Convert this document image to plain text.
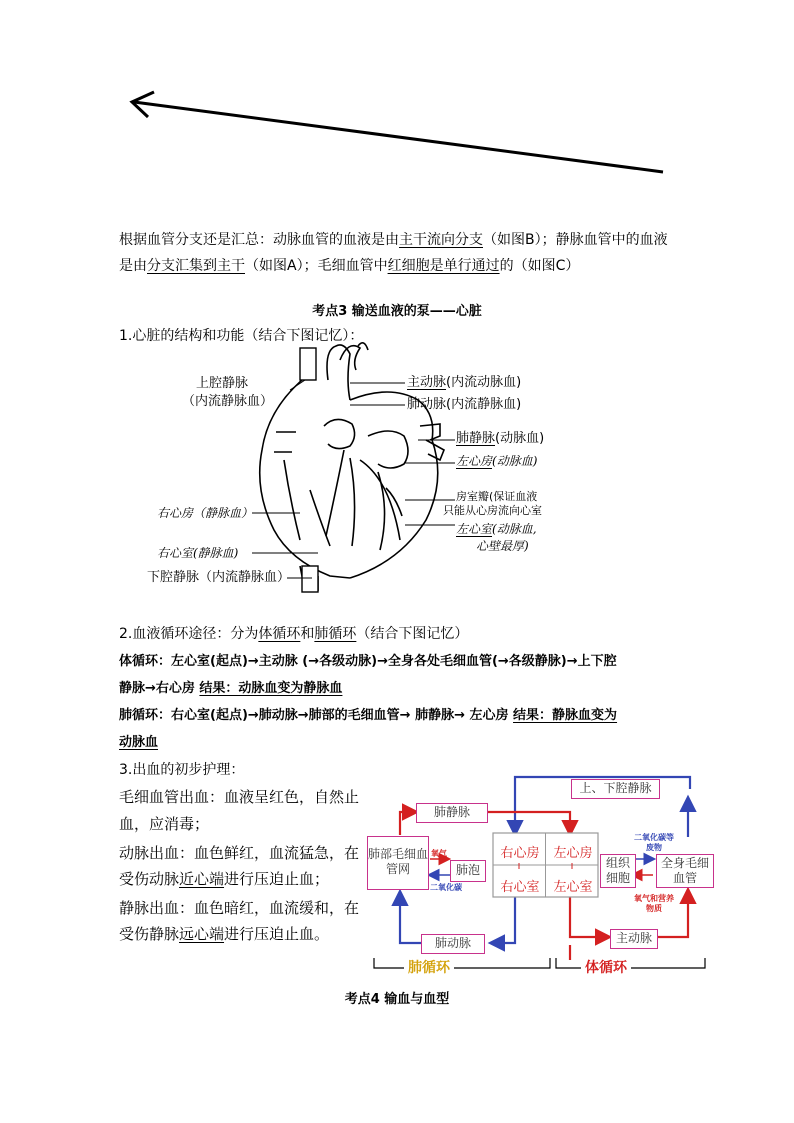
根据血管分支还是汇总：动脉血管的血液是由主干流向分支（如图B）；静脉血管中的血液
是由分支汇集到主干（如图A）；毛细血管中红细胞是单行通过的（如图C）
考点3 输送血液的泵——心脏
1.心脏的结构和功能（结合下图记忆）：
上腔静脉
（内流静脉血）
主动脉(内流动脉血)
肺动脉(内流静脉血)
肺静脉(动脉血)
左心房(动脉血)
房室瓣(保证血液
只能从心房流向心室
左心室(动脉血,
心壁最厚)
右心房（静脉血）
右心室(静脉血)
下腔静脉（内流静脉血）
2.血液循环途径：分为体循环和肺循环（结合下图记忆）
体循环：左心室(起点)→主动脉 (→各级动脉)→全身各处毛细血管(→各级静脉)→上下腔
静脉→右心房 结果：动脉血变为静脉血
肺循环：右心室(起点)→肺动脉→肺部的毛细血管→ 肺静脉→ 左心房 结果：静脉血变为
动脉血
3.出血的初步护理：
毛细血管出血：血液呈红色，自然止
血，应消毒；
动脉出血：血色鲜红，血流猛急，在
受伤动脉近心端进行压迫止血；
静脉出血：血色暗红，血流缓和，在
受伤静脉远心端进行压迫止血。
上、下腔静脉
肺静脉
肺部毛细血管网	肺泡
右心房	左心房
右心室	左心室
组织细胞
全身毛细血管
肺动脉	主动脉
氧气
二氧化碳
二氧化碳等废物
氧气和营养物质
肺循环	体循环
考点4 输血与血型
